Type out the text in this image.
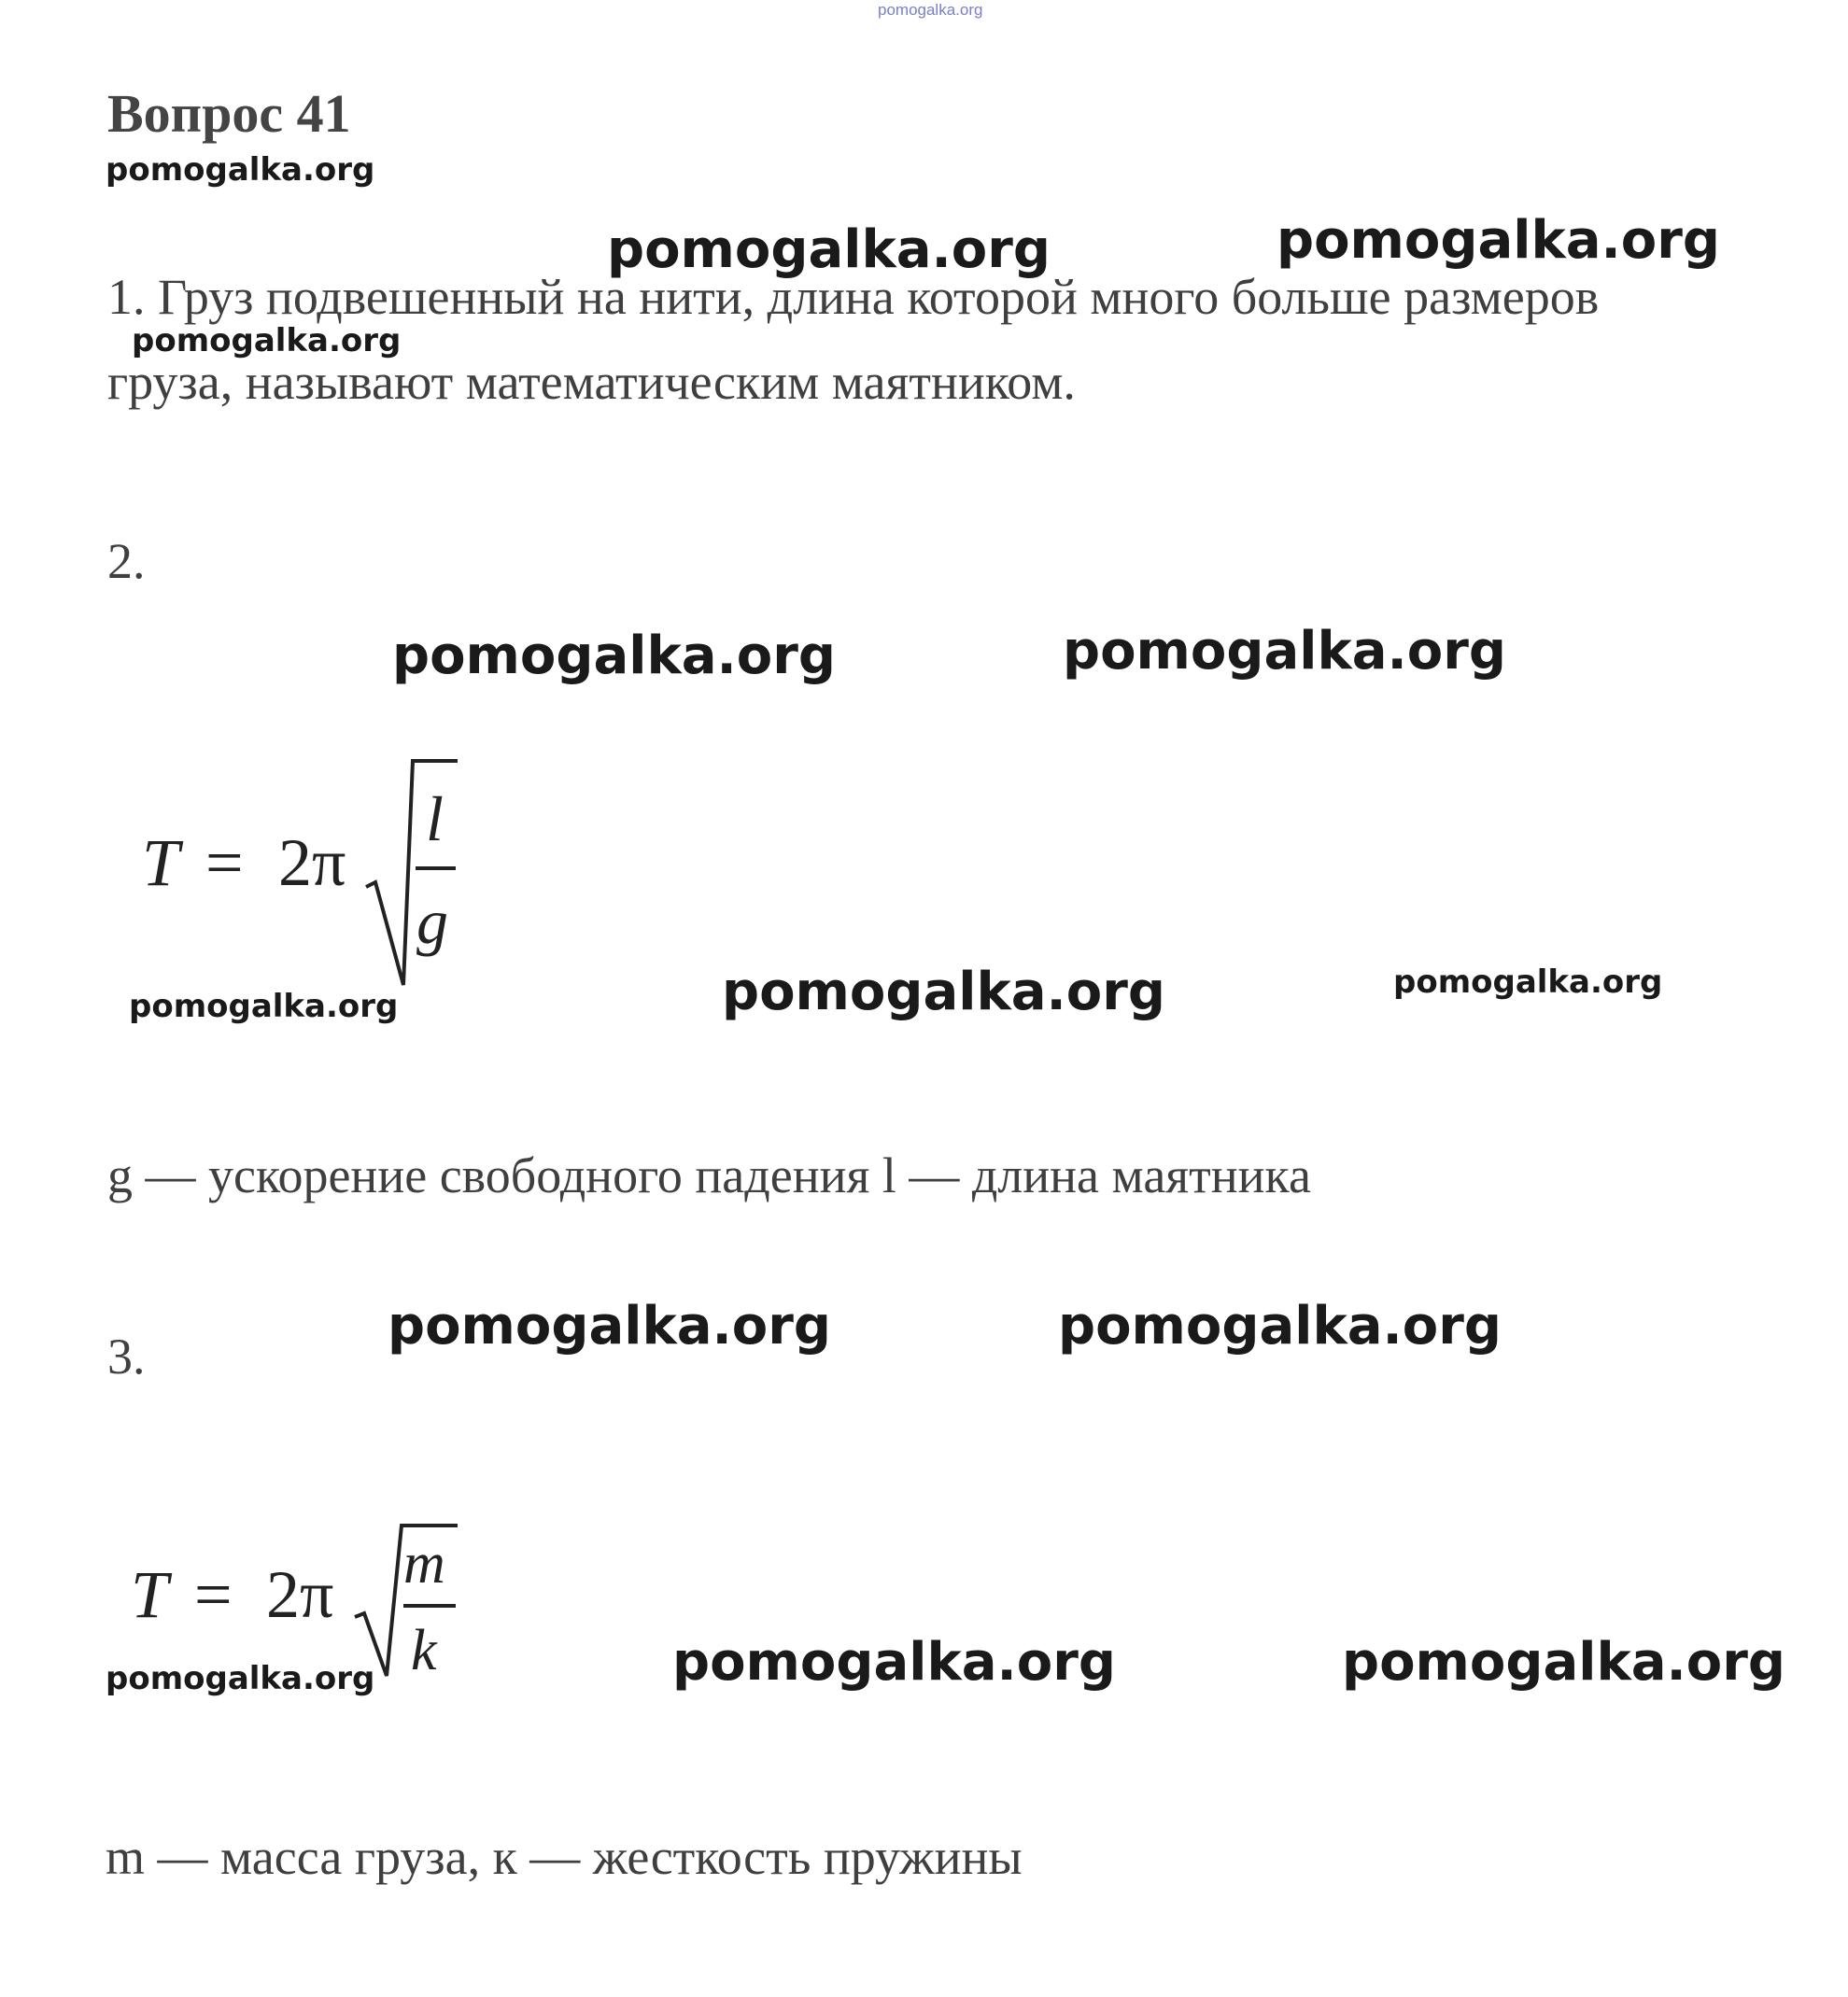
pomogalka.org
Вопрос 41
pomogalka.org
pomogalka.org	pomogalka.org
1. Груз подвешенный на нити, длина которой много больше размеров
pomogalka.org
груза, называют математическим маятником.
2.
pomogalka.org	pomogalka.org
T = 2π
l
g
pomogalka.org	pomogalka.org	pomogalka.org
g — ускорение свободного падения l — длина маятника
3.	pomogalka.org	pomogalka.org
T = 2π m
k
pomogalka.org	pomogalka.org	pomogalka.org
m — масса груза, к — жесткость пружины
